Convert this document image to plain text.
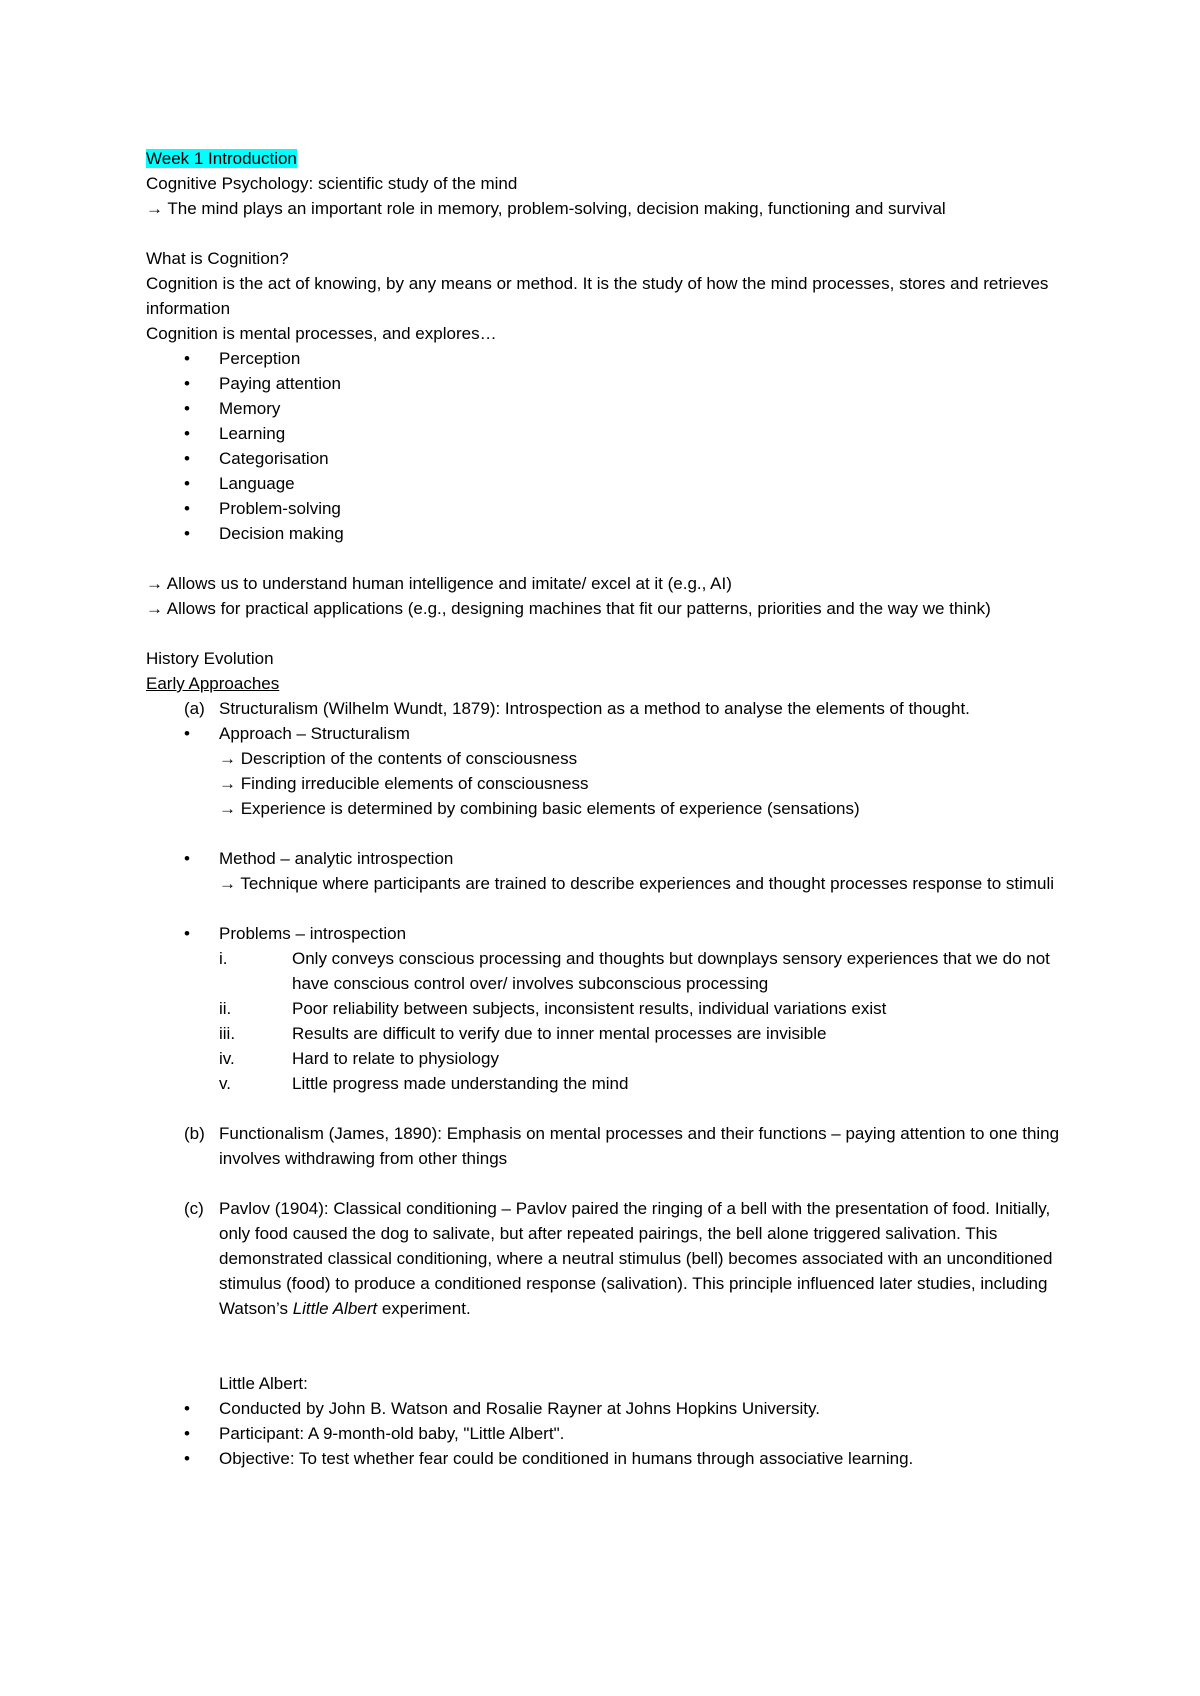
Week 1 Introduction

Cognitive Psychology: scientific study of the mind

→ The mind plays an important role in memory, problem-solving, decision making, functioning and survival

What is Cognition?

Cognition is the act of knowing, by any means or method. It is the study of how the mind processes, stores and retrieves information

Cognition is mental processes, and explores…

• Perception
• Paying attention
• Memory
• Learning
• Categorisation
• Language
• Problem-solving
• Decision making

→ Allows us to understand human intelligence and imitate/ excel at it (e.g., AI)

→ Allows for practical applications (e.g., designing machines that fit our patterns, priorities and the way we think)

History Evolution

Early Approaches

(a) Structuralism (Wilhelm Wundt, 1879): Introspection as a method to analyse the elements of thought.
• Approach – Structuralism
→ Description of the contents of consciousness
→ Finding irreducible elements of consciousness
→ Experience is determined by combining basic elements of experience (sensations)
• Method – analytic introspection
→ Technique where participants are trained to describe experiences and thought processes response to stimuli
• Problems – introspection
i.	Only conveys conscious processing and thoughts but downplays sensory experiences that we do not have conscious control over/ involves subconscious processing
ii.	Poor reliability between subjects, inconsistent results, individual variations exist
iii.	Results are difficult to verify due to inner mental processes are invisible
iv.	Hard to relate to physiology
v.	Little progress made understanding the mind
(b) Functionalism (James, 1890): Emphasis on mental processes and their functions – paying attention to one thing involves withdrawing from other things
(c) Pavlov (1904): Classical conditioning – Pavlov paired the ringing of a bell with the presentation of food. Initially, only food caused the dog to salivate, but after repeated pairings, the bell alone triggered salivation. This demonstrated classical conditioning, where a neutral stimulus (bell) becomes associated with an unconditioned stimulus (food) to produce a conditioned response (salivation). This principle influenced later studies, including Watson’s Little Albert experiment.

Little Albert:

• Conducted by John B. Watson and Rosalie Rayner at Johns Hopkins University.
• Participant: A 9-month-old baby, "Little Albert".
• Objective: To test whether fear could be conditioned in humans through associative learning.
